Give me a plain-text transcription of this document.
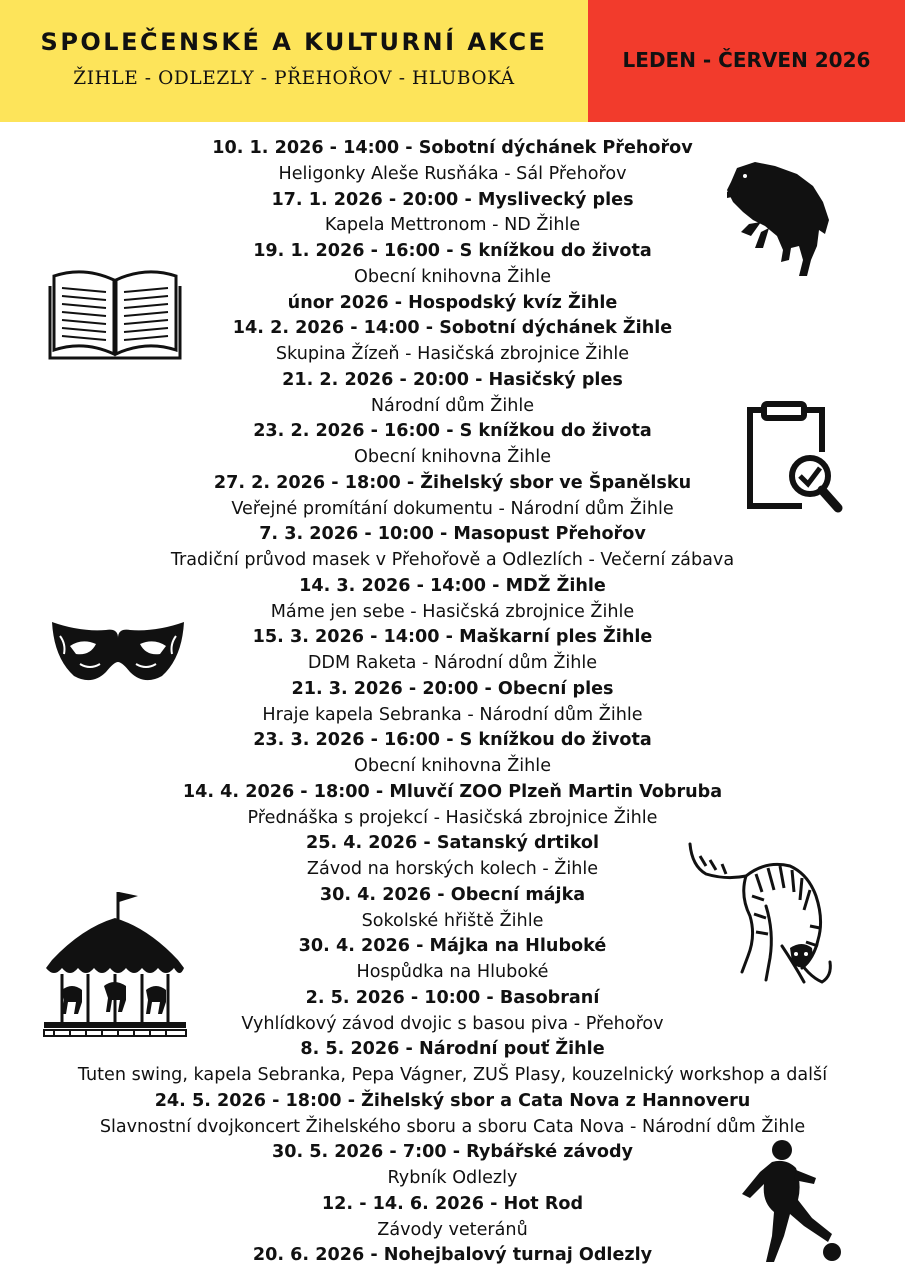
SPOLEČENSKÉ A KULTURNÍ AKCE
ŽIHLE - ODLEZLY - PŘEHOŘOV - HLUBOKÁ
LEDEN - ČERVEN 2026
10. 1. 2026 - 14:00 - Sobotní dýchánek Přehořov
Heligonky Aleše Rusňáka - Sál Přehořov
17. 1. 2026 - 20:00 - Myslivecký ples
Kapela Mettronom - ND Žihle
19. 1. 2026 - 16:00 - S knížkou do života
Obecní knihovna Žihle
únor 2026 - Hospodský kvíz Žihle
14. 2. 2026 - 14:00 - Sobotní dýchánek Žihle
Skupina Žízeň - Hasičská zbrojnice Žihle
21. 2. 2026 - 20:00 - Hasičský ples
Národní dům Žihle
23. 2. 2026 - 16:00 - S knížkou do života
Obecní knihovna Žihle
27. 2. 2026 - 18:00 - Žihelský sbor ve Španělsku
Veřejné promítání dokumentu - Národní dům Žihle
7. 3. 2026 - 10:00 - Masopust Přehořov
Tradiční průvod masek v Přehořově a Odlezlích - Večerní zábava
14. 3. 2026 - 14:00 - MDŽ Žihle
Máme jen sebe - Hasičská zbrojnice Žihle
15. 3. 2026 - 14:00 - Maškarní ples Žihle
DDM Raketa - Národní dům Žihle
21. 3. 2026 - 20:00 - Obecní ples
Hraje kapela Sebranka - Národní dům Žihle
23. 3. 2026 - 16:00 - S knížkou do života
Obecní knihovna Žihle
14. 4. 2026 - 18:00 - Mluvčí ZOO Plzeň Martin Vobruba
Přednáška s projekcí - Hasičská zbrojnice Žihle
25. 4. 2026 - Satanský drtikol
Závod na horských kolech - Žihle
30. 4. 2026 - Obecní májka
Sokolské hřiště Žihle
30. 4. 2026 - Májka na Hluboké
Hospůdka na Hluboké
2. 5. 2026 - 10:00 - Basobraní
Vyhlídkový závod dvojic s basou piva - Přehořov
8. 5. 2026 - Národní pouť Žihle
Tuten swing, kapela Sebranka, Pepa Vágner, ZUŠ Plasy, kouzelnický workshop a další
24. 5. 2026 - 18:00 - Žihelský sbor a Cata Nova z Hannoveru
Slavnostní dvojkoncert Žihelského sboru a sboru Cata Nova - Národní dům Žihle
30. 5. 2026 - 7:00 - Rybářské závody
Rybník Odlezly
12. - 14. 6. 2026 - Hot Rod
Závody veteránů
20. 6. 2026 - Nohejbalový turnaj Odlezly
